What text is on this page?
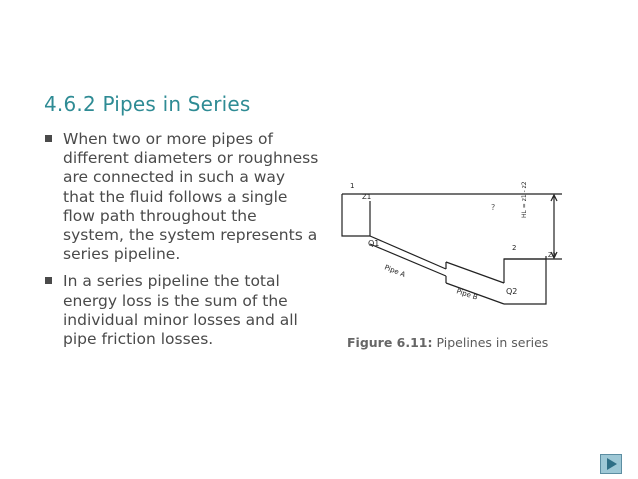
4.6.2 Pipes in Series
When two or more pipes of different diameters or roughness are connected in such a way that the fluid follows a single flow path throughout the system, the system represents a series pipeline.
In a series pipeline the total energy loss is the sum of the individual minor losses and all pipe friction losses.
1
Z1
Q1
?
Pipe A
Pipe B	Q2
2
Z2
HL = z1 - z2
Figure 6.11: Pipelines in series
